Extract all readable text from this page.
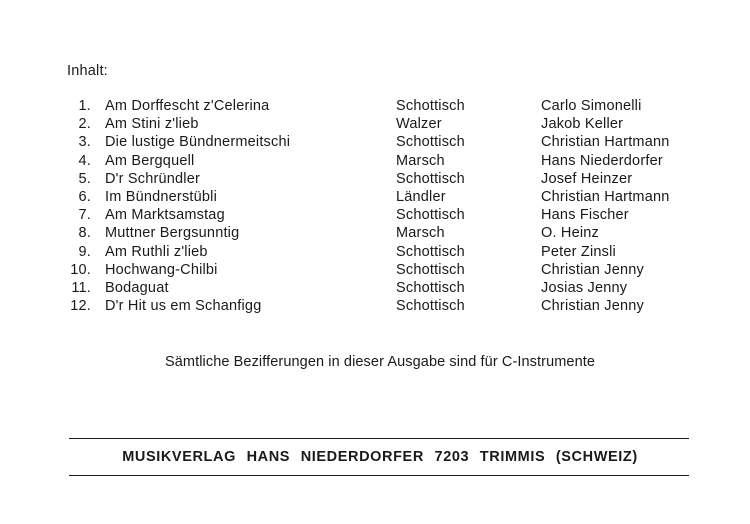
Inhalt:
1. Am Dorffescht z'Celerina	Schottisch	Carlo Simonelli
2. Am Stini z'lieb	Walzer	Jakob Keller
3. Die lustige Bündnermeitschi	Schottisch	Christian Hartmann
4. Am Bergquell	Marsch	Hans Niederdorfer
5. D'r Schründler	Schottisch	Josef Heinzer
6. Im Bündnerstübli	Ländler	Christian Hartmann
7. Am Marktsamstag	Schottisch	Hans Fischer
8. Muttner Bergsunntig	Marsch	O. Heinz
9. Am Ruthli z'lieb	Schottisch	Peter Zinsli
10. Hochwang-Chilbi	Schottisch	Christian Jenny
11. Bodaguat	Schottisch	Josias Jenny
12. D'r Hit us em Schanfigg	Schottisch	Christian Jenny
Sämtliche Bezifferungen in dieser Ausgabe sind für C-Instrumente
MUSIKVERLAG HANS NIEDERDORFER 7203 TRIMMIS (SCHWEIZ)
